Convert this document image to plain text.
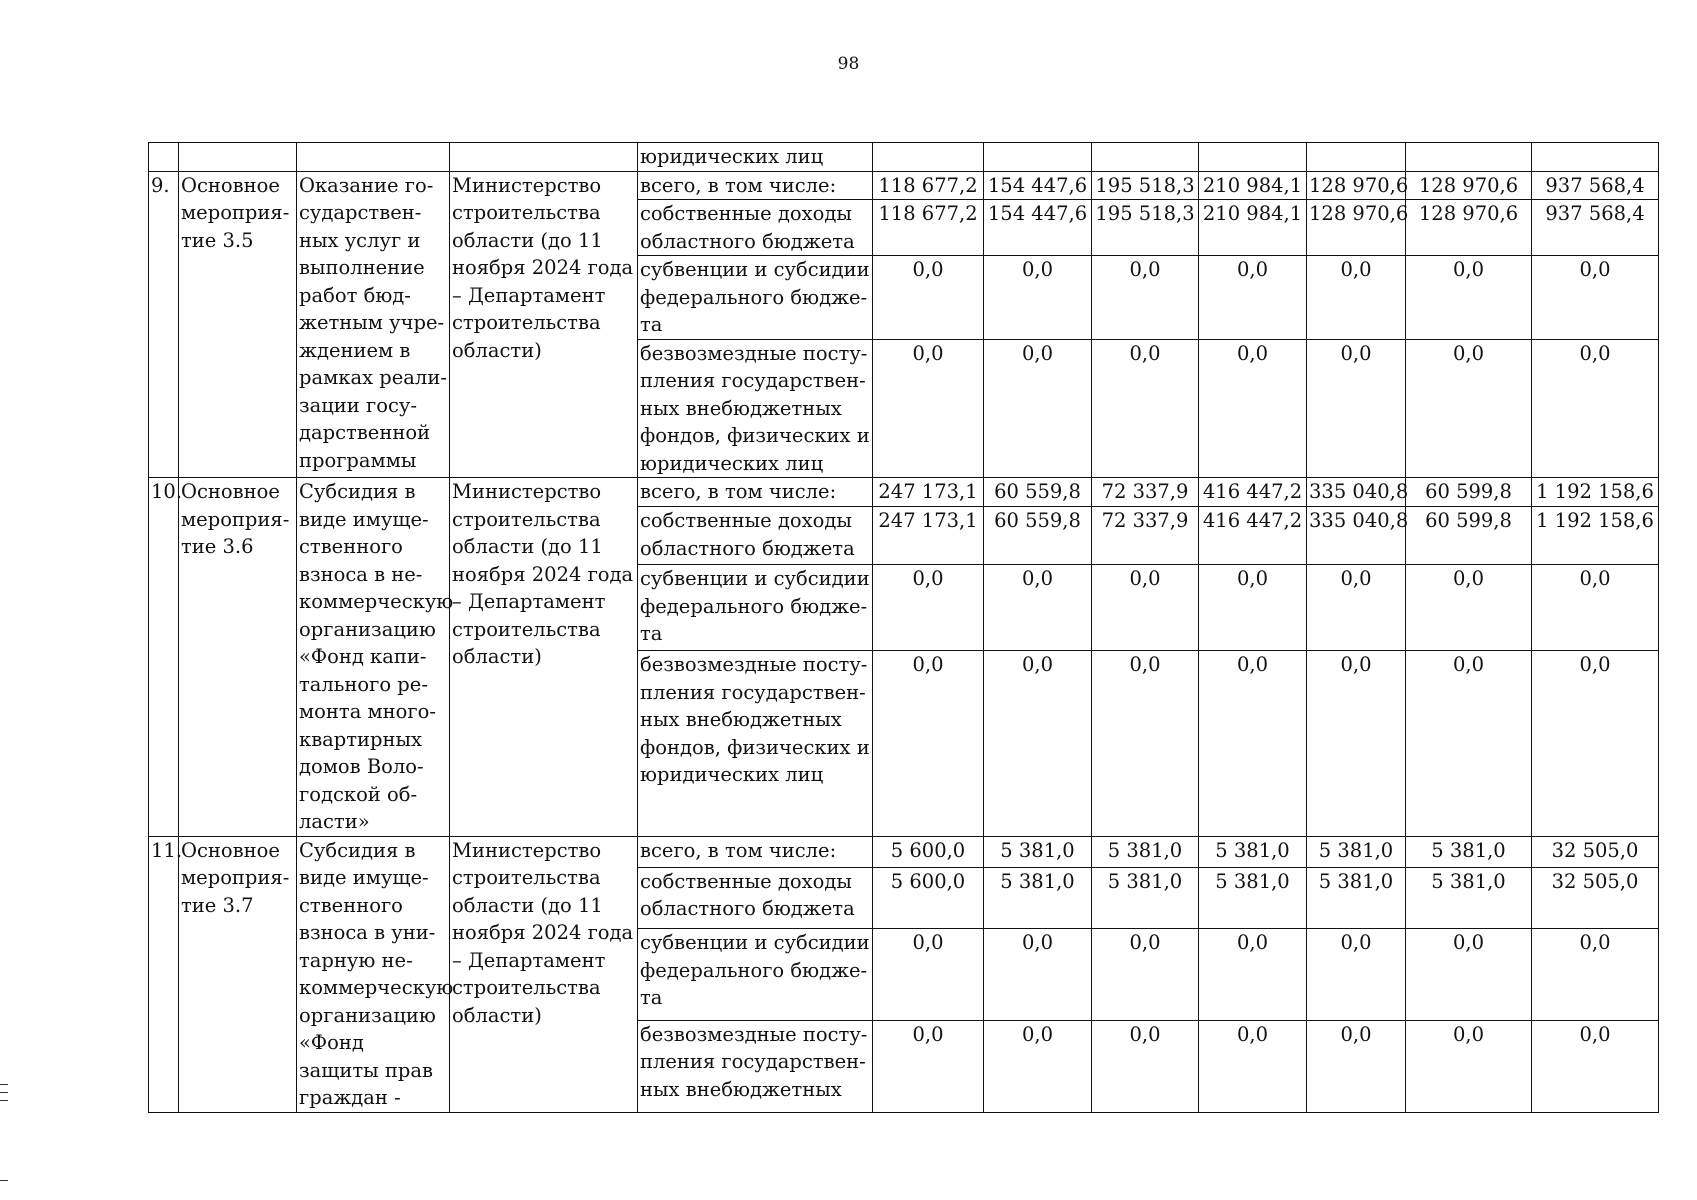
98
				юридических лиц							
9.	Основное мероприя-тие 3.5	Оказание го-сударствен-ных услуг и выполнение работ бюд-жетным учре-ждением в рамках реали-зации госу-дарственной программы	Министерство строительства области (до 11 ноября 2024 года – Департамент строительства области)	всего, в том числе:	118 677,2	154 447,6	195 518,3	210 984,1	128 970,6	128 970,6	937 568,4
				собственные доходы областного бюджета	118 677,2	154 447,6	195 518,3	210 984,1	128 970,6	128 970,6	937 568,4
				субвенции и субсидии федерального бюдже-та	0,0	0,0	0,0	0,0	0,0	0,0	0,0
				безвозмездные посту-пления государствен-ных внебюджетных фондов, физических и юридических лиц	0,0	0,0	0,0	0,0	0,0	0,0	0,0
10.	Основное мероприя-тие 3.6	Субсидия в виде имуще-ственного взноса в не-коммерческую организацию «Фонд капи-тального ре-монта много-квартирных домов Воло-годской об-ласти»	Министерство строительства области (до 11 ноября 2024 года – Департамент строительства области)	всего, в том числе:	247 173,1	60 559,8	72 337,9	416 447,2	335 040,8	60 599,8	1 192 158,6
				собственные доходы областного бюджета	247 173,1	60 559,8	72 337,9	416 447,2	335 040,8	60 599,8	1 192 158,6
				субвенции и субсидии федерального бюдже-та	0,0	0,0	0,0	0,0	0,0	0,0	0,0
				безвозмездные посту-пления государствен-ных внебюджетных фондов, физических и юридических лиц	0,0	0,0	0,0	0,0	0,0	0,0	0,0
11.	Основное мероприя-тие 3.7	Субсидия в виде имуще-ственного взноса в уни-тарную не-коммерческую организацию «Фонд защиты прав граждан -	Министерство строительства области (до 11 ноября 2024 года – Департамент строительства области)	всего, в том числе:	5 600,0	5 381,0	5 381,0	5 381,0	5 381,0	5 381,0	32 505,0
				собственные доходы областного бюджета	5 600,0	5 381,0	5 381,0	5 381,0	5 381,0	5 381,0	32 505,0
				субвенции и субсидии федерального бюдже-та	0,0	0,0	0,0	0,0	0,0	0,0	0,0
				безвозмездные посту-пления государствен-ных внебюджетных	0,0	0,0	0,0	0,0	0,0	0,0	0,0
